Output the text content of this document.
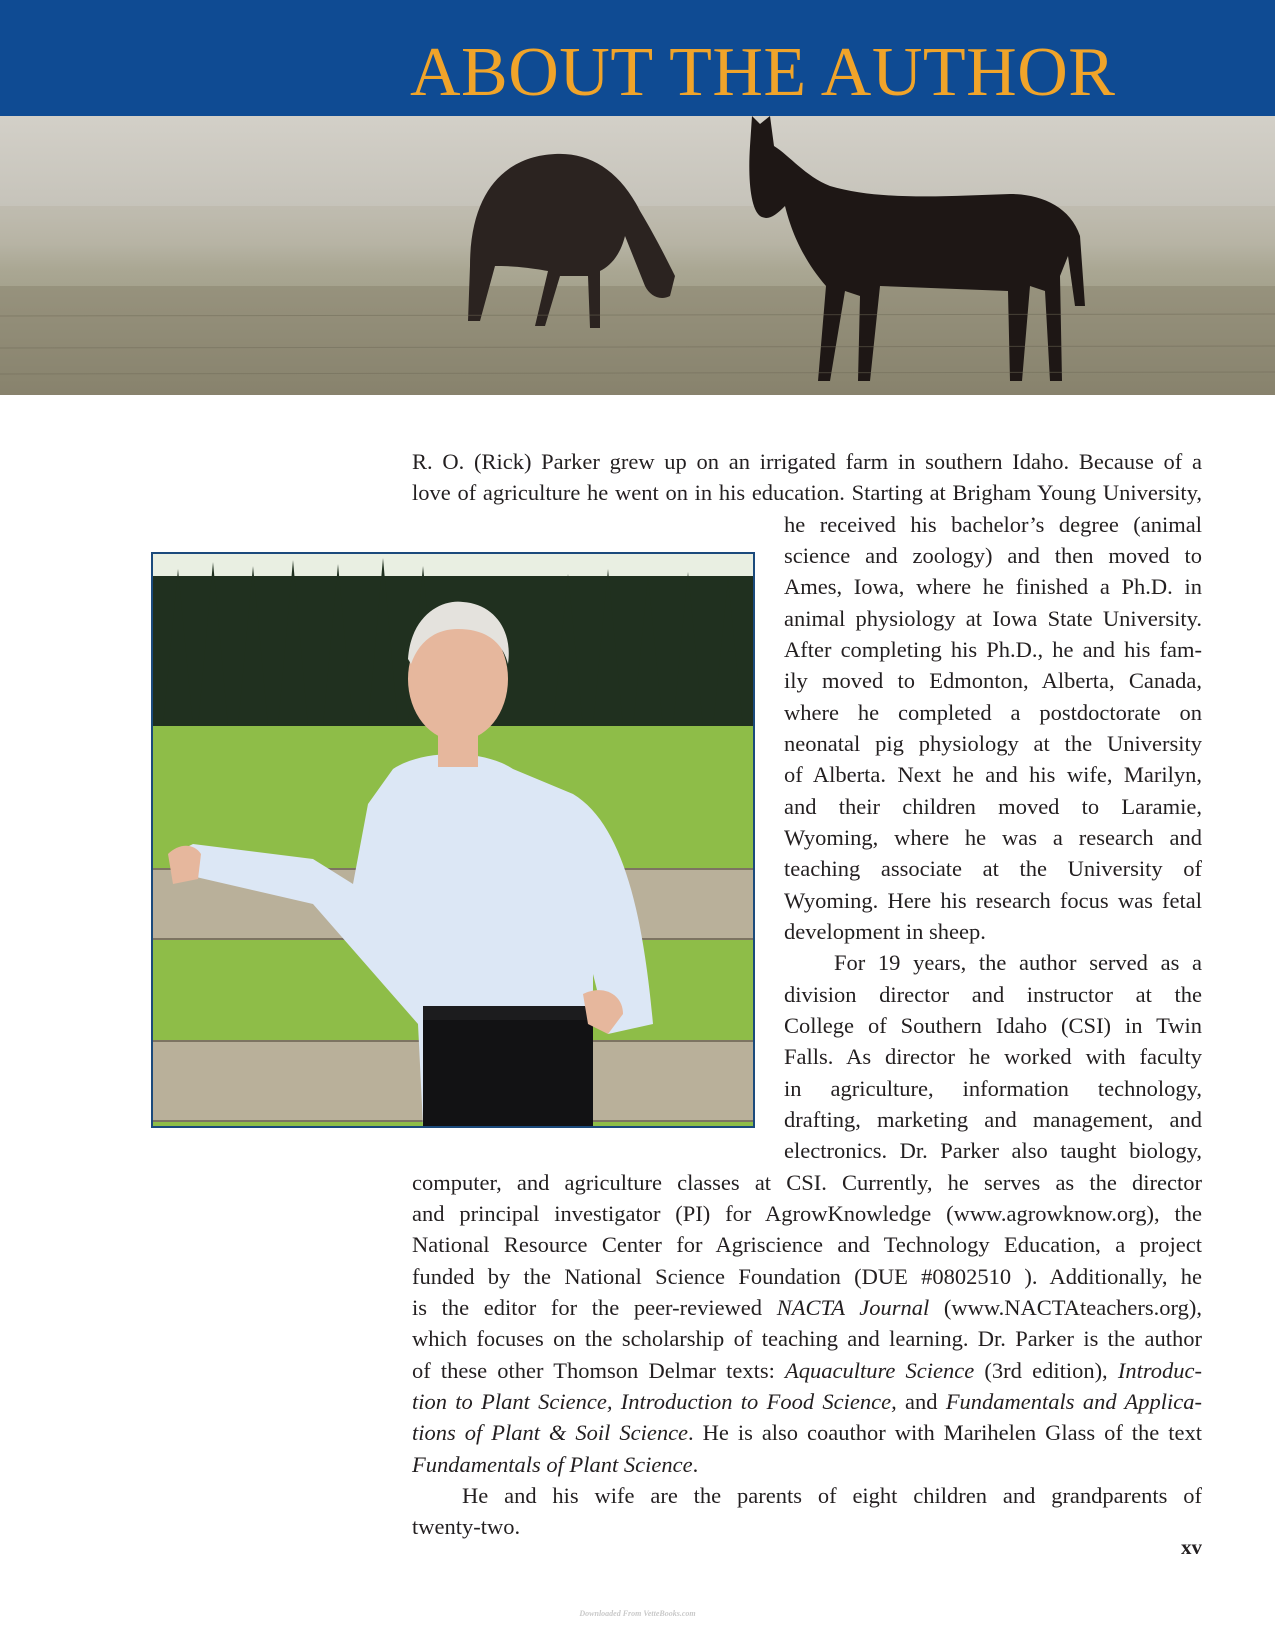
ABOUT THE AUTHOR

R. O. (Rick) Parker grew up on an irrigated farm in southern Idaho. Because of a

love of agriculture he went on in his education. Starting at Brigham Young University,

he received his bachelor’s degree (animal

science and zoology) and then moved to

Ames, Iowa, where he finished a Ph.D. in

animal physiology at Iowa State University.

After completing his Ph.D., he and his fam-

ily moved to Edmonton, Alberta, Canada,

where he completed a postdoctorate on

neonatal pig physiology at the University

of Alberta. Next he and his wife, Marilyn,

and their children moved to Laramie,

Wyoming, where he was a research and

teaching associate at the University of

Wyoming. Here his research focus was fetal

development in sheep.

For 19 years, the author served as a

division director and instructor at the

College of Southern Idaho (CSI) in Twin

Falls. As director he worked with faculty

in agriculture, information technology,

drafting, marketing and management, and

electronics. Dr. Parker also taught biology,

computer, and agriculture classes at CSI. Currently, he serves as the director

and principal investigator (PI) for AgrowKnowledge (www.agrowknow.org), the

National Resource Center for Agriscience and Technology Education, a project

funded by the National Science Foundation (DUE #0802510 ). Additionally, he

is the editor for the peer-reviewed NACTA Journal (www.NACTAteachers.org),

which focuses on the scholarship of teaching and learning. Dr. Parker is the author

of these other Thomson Delmar texts: Aquaculture Science (3rd edition), Introduc-

tion to Plant Science, Introduction to Food Science, and Fundamentals and Applica-

tions of Plant & Soil Science. He is also coauthor with Marihelen Glass of the text

Fundamentals of Plant Science.

He and his wife are the parents of eight children and grandparents of

twenty-two.

xv
Downloaded From VetteBooks.com
